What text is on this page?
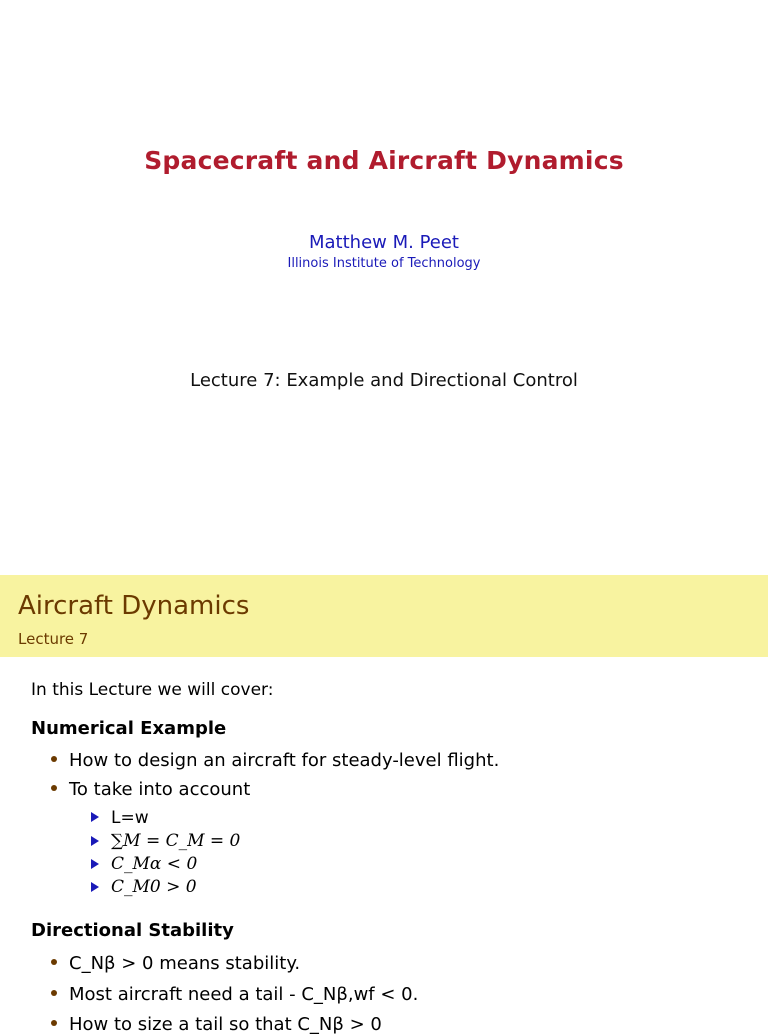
Spacecraft and Aircraft Dynamics
Matthew M. Peet
Illinois Institute of Technology
Lecture 7: Example and Directional Control
Aircraft Dynamics
Lecture 7
In this Lecture we will cover:
Numerical Example
How to design an aircraft for steady-level flight.
To take into account
L=w
∑M = C_M = 0
C_Mα < 0
C_M0 > 0
Directional Stability
C_Nβ > 0 means stability.
Most aircraft need a tail - C_Nβ,wf < 0.
How to size a tail so that C_Nβ > 0
